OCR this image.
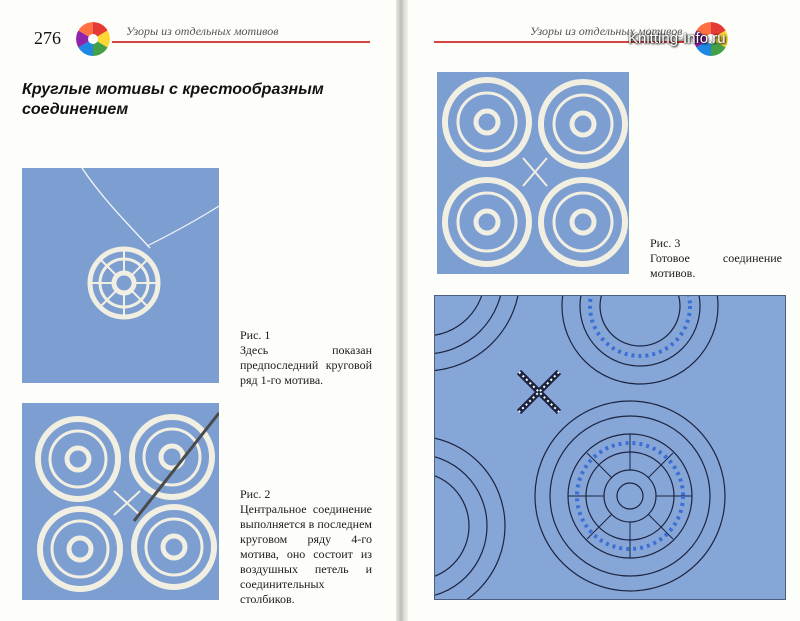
276	Узоры из отдельных мотивов
Круглые мотивы с крестообразным
соединением
Рис. 1
Здесь показан предпоследний круговой ряд 1-го мотива.
Рис. 2
Центральное соединение выполняется в последнем круговом ряду 4-го мотива, оно состоит из воздушных петель и соединительных столбиков.
Узоры из отдельных мотивов
Knitting-Info.ru
Рис. 3
Готовое соединение мотивов.
